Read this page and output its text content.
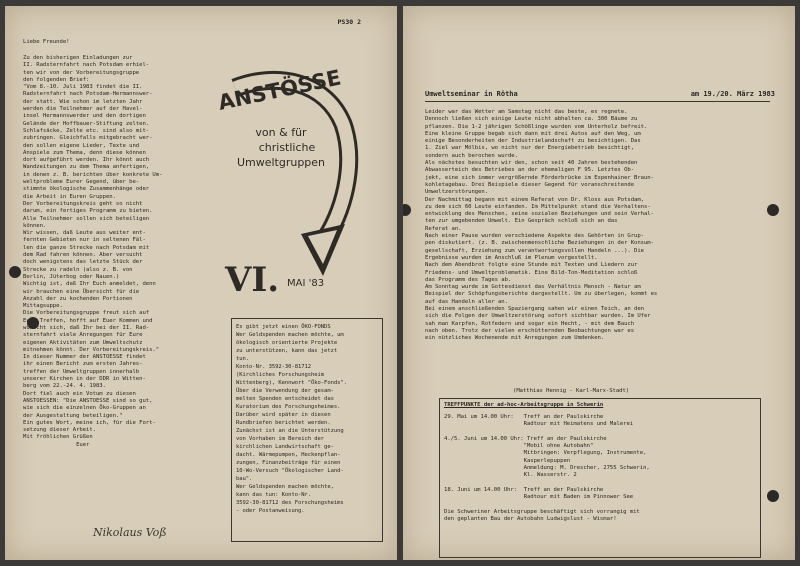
PS30 2
Liebe Freunde!
Zu den bisherigen Einladungen zur
II. Radsternfahrt nach Potsdam erhiel-
ten wir von der Vorbereitungsgruppe
den folgenden Brief:
"Vom 8.-10. Juli 1983 findet die II.
Radsternfahrt nach Potsdam-Hermannswer-
der statt. Wie schon im letzten Jahr
werden die Teilnehmer auf der Havel-
insel Hermannswerder und den dortigen
Gelände der Hoffbauer-Stiftung zelten.
Schlafsäcke, Zelte etc. sind also mit-
zubringen. Gleichfalls mitgebracht wer-
den sollen eigene Lieder, Texte und
Anspiele zum Thema, denn diese können
dort aufgeführt werden. Ihr könnt auch
Wandzeitungen zu dem Thema anfertigen,
in denen z. B. berichten über konkrete Um-
weltprobleme Eurer Gegend, über be-
stimmte ökologische Zusammenhänge oder
die Arbeit in Euren Gruppen.
Der Vorbereitungskreis geht so nicht
darum, ein fertiges Programm zu bieten.
Alle Teilnehmer sollen sich beteiligen
können.
Wir wissen, daß Leute aus weiter ent-
fernten Gebieten nur in seltenen Fäl-
len die ganze Strecke nach Potsdam mit
dem Rad fahren können. Aber versucht
doch wenigstens das letzte Stück der
Strecke zu radeln (also z. B. von
Berlin, Jüterbog oder Nauen.)
Wichtig ist, daß Ihr Euch anmeldet, denn
wir brauchen eine Übersicht für die
Anzahl der zu kochenden Portionen
Mittagsuppe.
Die Vorbereitungsgruppe freut sich auf
Euer Treffen, hofft auf Euer Kommen und
wünscht sich, daß Ihr bei der II. Rad-
sternfahrt viele Anregungen für Eure
eigenen Aktivitäten zum Umweltschutz
mitnehmen könnt. Der Vorbereitungskreis."
In dieser Nummer der ANSTOESSE findet
ihr einen Bericht zum ersten Jahres-
treffen der Umweltgruppen innerhalb
unserer Kirchen in der DDR in Witten-
berg vom 22.-24. 4. 1983.
Dort fiel auch ein Votum zu diesen
ANSTOESSEN: "Die ANSTOESSE sind so gut,
wie sich die einzelnen Öko-Gruppen an
der Ausgestaltung beteiligen."
Ein gutes Wort, meine ich, für die Fort-
setzung dieser Arbeit.
Mit fröhlichen Grüßen
Euer
Nikolaus Voß
ANSTÖSSE
von & für
christliche
Umweltgruppen
VI. MAI '83
Es gibt jetzt einen ÖKO-FONDS
Wer Geldspenden machen möchte, um
ökologisch orientierte Projekte
zu unterstützen, kann das jetzt
tun.
Konto-Nr. 3592-30-81712
(Kirchliches Forschungsheim
Wittenberg), Kennwort "Öko-Fonds".
Über die Verwendung der gesam-
melten Spenden entscheidet das
Kuratorium des Forschungsheimes.
Darüber wird später in diesen
Rundbriefen berichtet werden.
Zunächst ist an die Unterstützung
von Vorhaben im Bereich der
kirchlichen Landwirtschaft ge-
dacht. Wärmepumpen, Heckenpflan-
zungen, Finanzbeiträge für einen
10-Wo-Versuch "Ökologischer Land-
bau".
Wer Geldspenden machen möchte,
kann das tun: Konto-Nr.
3592-30-81712 des Forschungsheims
- oder Postanweisung.
Umweltseminar in Rötha	am 19./20. März 1983
Leider war das Wetter am Samstag nicht das beste, es regnete.
Dennoch ließen sich einige Leute nicht abhalten ca. 300 Bäume zu
pflanzen. Die 1-2 jährigen Schößlinge wurden vom Unterholz befreit.
Eine kleine Gruppe begab sich dann mit drei Autos auf den Weg, um
einige Besonderheiten der Industrielandschaft zu besichtigen. Das
1. Ziel war Mölbis, wo nicht nur der Energiebetrieb besichtigt,
sondern auch berochen wurde.
Als nächstes besuchten wir den, schon seit 40 Jahren bestehenden
Abwasserteich des Betriebes an der ehemaligen F 95. Letztes Ob-
jekt, eine sich immer vergrößernde Förderbrücke im Espenhainer Braun-
kohletagebau. Drei Beispiele dieser Gegend für voranschreitende
Umweltzerstörungen.
Der Nachmittag begann mit einem Referat von Dr. Kloss aus Potsdam,
zu dem sich 60 Leute einfanden. Im Mittelpunkt stand die Verhaltens-
entwicklung des Menschen, seine sozialen Beziehungen und sein Verhal-
ten zur umgebenden Umwelt. Ein Gespräch schloß sich an das
Referat an.
Nach einer Pause wurden verschiedene Aspekte des Gehörten in Grup-
pen diskutiert. (z. B. zwischenmenschliche Beziehungen in der Konsum-
gesellschaft, Erziehung zum verantwortungsvollen Handeln ...). Die
Ergebnisse wurden im Anschluß im Plenum vorgestellt.
Nach dem Abendbrot folgte eine Stunde mit Texten und Liedern zur
Friedens- und Umweltproblematik. Eine Bild-Ton-Meditation schloß
das Programm des Tages ab.
Am Sonntag wurde im Gottesdienst das Verhältnis Mensch - Natur am
Beispiel der Schöpfungsberichte dargestellt. Um zu überlegen, kommt es
auf das Handeln aller an.
Bei einem anschließenden Spaziergang sahen wir einen Teich, an den
sich die Folgen der Umweltzerstörung sofort sichtbar wurden. Im Ufer
sah man Karpfen, Rotfedern und sogar ein Hecht, - mit dem Bauch
nach oben. Trotz der vielen erschütternden Beobachtungen war es
ein nützliches Wochenende mit Anregungen zum Umdenken.
(Matthias Hennig - Karl-Marx-Stadt)
TREFFPUNKTE der ad-hoc-Arbeitsgruppe in Schwerin
29. Mai um 14.00 Uhr:   Treff an der Paulskirche
Radtour mit Heimatens und Malerei

4./5. Juni um 14.00 Uhr: Treff an der Paulskirche
"Mobil ohne Autobahn"
Mitbringen: Verpflegung, Instrumente,
Kasperlepuppen
Anmeldung: M. Drescher, 2755 Schwerin,
Kl. Wasserstr. 2

18. Juni um 14.00 Uhr:  Treff an der Paulskirche
Radtour mit Baden im Pinnower See

Die Schweriner Arbeitsgruppe beschäftigt sich vorrangig mit
den geplanten Bau der Autobahn Ludwigslust - Wismar!
